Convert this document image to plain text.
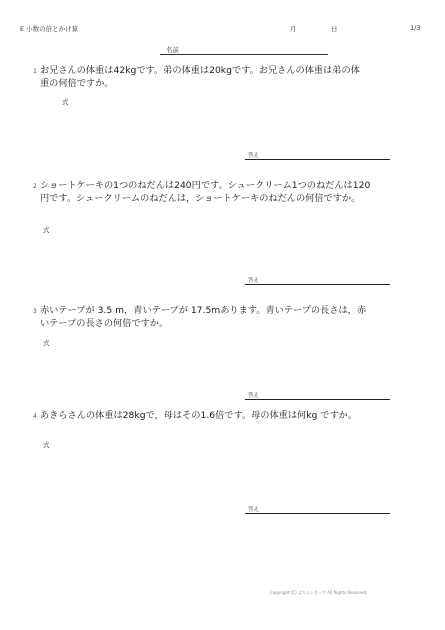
E 小数の倍とかけ算	月	日	1/3
名前
1 お兄さんの体重は42kgです。弟の体重は20kgです。お兄さんの体重は弟の体
重の何倍ですか。
式
答え
2 ショートケーキの1つのねだんは240円です。シュークリーム1つのねだんは120
円です。シュークリームのねだんは，ショートケーキのねだんの何倍ですか。
式
答え
3 赤いテープが 3.5 m，青いテープが 17.5mあります。青いテープの長さは，赤
いテープの長さの何倍ですか。
式
答え
4 あきらさんの体重は28kgで，母はその1.6倍です。母の体重は何kg ですか。
式
答え
Copyright (C) ぷりんときっず All Rights Reserved.
